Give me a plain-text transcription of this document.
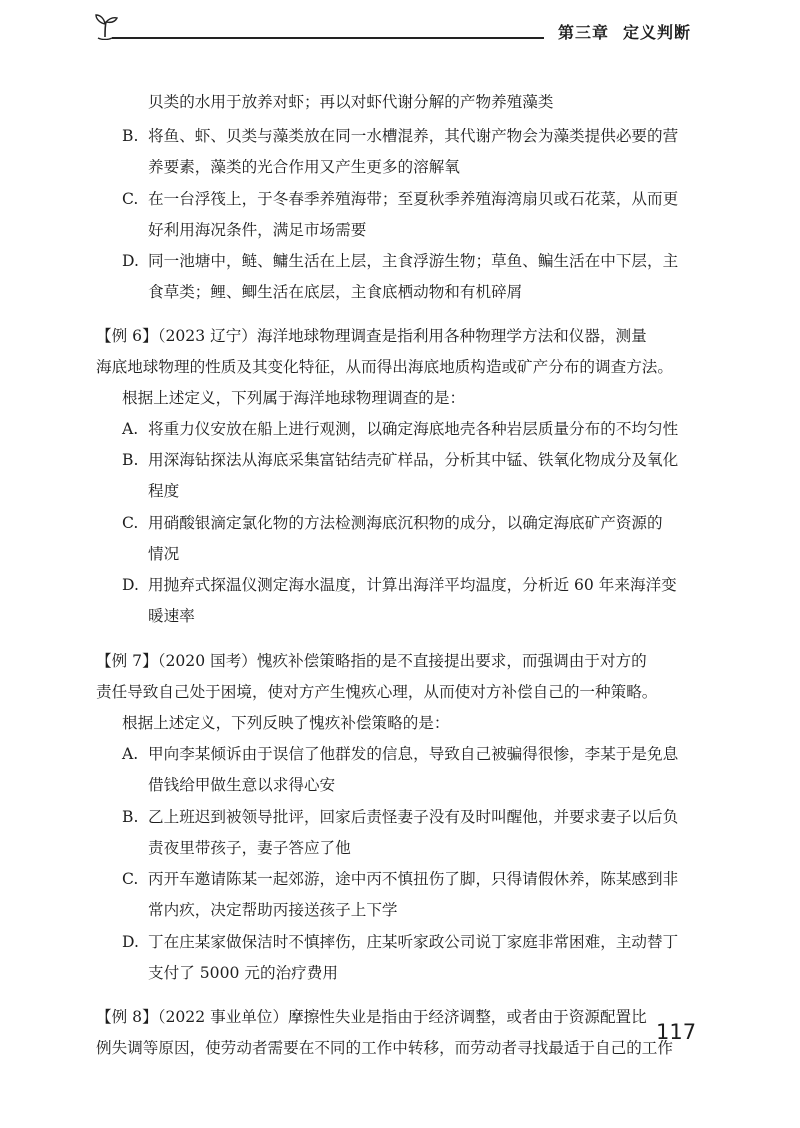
第三章 定义判断
贝类的水用于放养对虾；再以对虾代谢分解的产物养殖藻类
B. 将鱼、虾、贝类与藻类放在同一水槽混养，其代谢产物会为藻类提供必要的营
养要素，藻类的光合作用又产生更多的溶解氧
C. 在一台浮筏上，于冬春季养殖海带；至夏秋季养殖海湾扇贝或石花菜，从而更
好利用海况条件，满足市场需要
D. 同一池塘中，鲢、鳙生活在上层，主食浮游生物；草鱼、鳊生活在中下层，主
食草类；鲤、鲫生活在底层，主食底栖动物和有机碎屑
【例 6】（2023 辽宁）海洋地球物理调查是指利用各种物理学方法和仪器，测量
海底地球物理的性质及其变化特征，从而得出海底地质构造或矿产分布的调查方法。
根据上述定义，下列属于海洋地球物理调查的是：
A. 将重力仪安放在船上进行观测，以确定海底地壳各种岩层质量分布的不均匀性
B. 用深海钻探法从海底采集富钴结壳矿样品，分析其中锰、铁氧化物成分及氧化
程度
C. 用硝酸银滴定氯化物的方法检测海底沉积物的成分，以确定海底矿产资源的
情况
D. 用抛弃式探温仪测定海水温度，计算出海洋平均温度，分析近 60 年来海洋变
暖速率
【例 7】（2020 国考）愧疚补偿策略指的是不直接提出要求，而强调由于对方的
责任导致自己处于困境，使对方产生愧疚心理，从而使对方补偿自己的一种策略。
根据上述定义，下列反映了愧疚补偿策略的是：
A. 甲向李某倾诉由于误信了他群发的信息，导致自己被骗得很惨，李某于是免息
借钱给甲做生意以求得心安
B. 乙上班迟到被领导批评，回家后责怪妻子没有及时叫醒他，并要求妻子以后负
责夜里带孩子，妻子答应了他
C. 丙开车邀请陈某一起郊游，途中丙不慎扭伤了脚，只得请假休养，陈某感到非
常内疚，决定帮助丙接送孩子上下学
D. 丁在庄某家做保洁时不慎摔伤，庄某听家政公司说丁家庭非常困难，主动替丁
支付了 5000 元的治疗费用
【例 8】（2022 事业单位）摩擦性失业是指由于经济调整，或者由于资源配置比
例失调等原因，使劳动者需要在不同的工作中转移，而劳动者寻找最适于自己的工作
117
